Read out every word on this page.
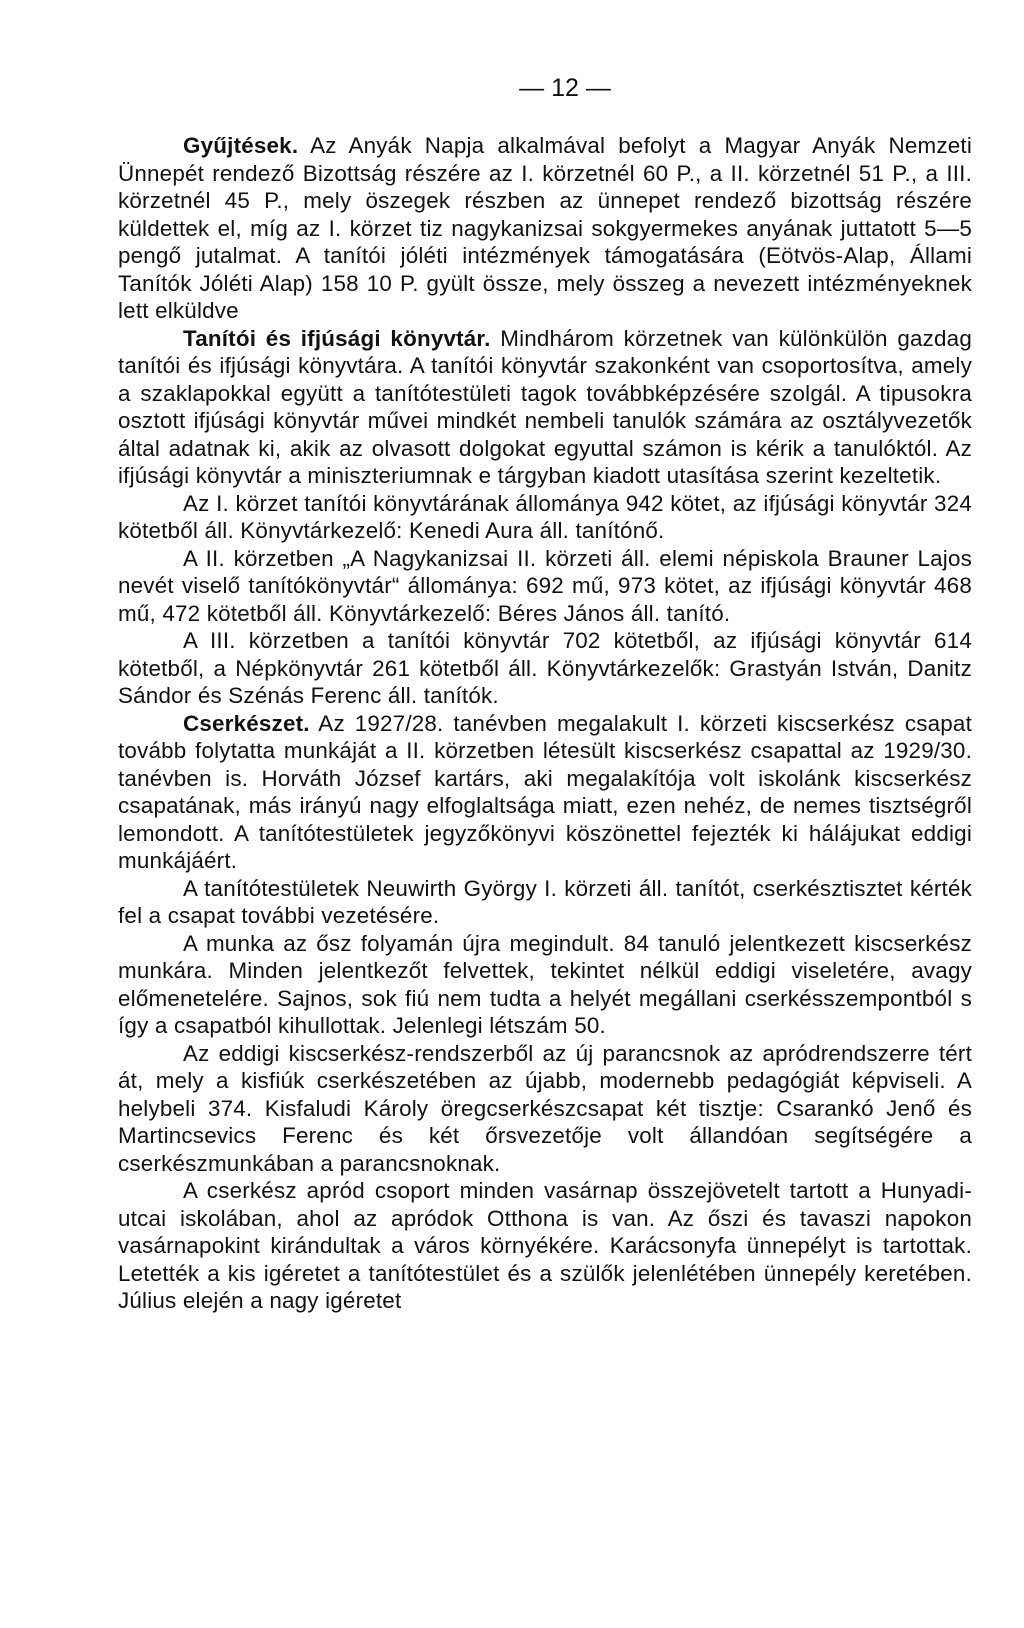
— 12 —

Gyűjtések. Az Anyák Napja alkalmával befolyt a Magyar Anyák Nemzeti Ünnepét rendező Bizottság részére az I. körzetnél 60 P., a II. körzetnél 51 P., a III. körzetnél 45 P., mely öszegek részben az ünnepet rendező bizottság részére küldettek el, míg az I. körzet tiz nagykanizsai sokgyermekes anyának juttatott 5—5 pengő jutalmat. A tanítói jóléti intézmények támogatására (Eötvös-Alap, Állami Tanítók Jóléti Alap) 158 10 P. gyült össze, mely összeg a nevezett intézményeknek lett elküldve

Tanítói és ifjúsági könyvtár. Mindhárom körzetnek van különkülön gazdag tanítói és ifjúsági könyvtára. A tanítói könyvtár szakonként van csoportosítva, amely a szaklapokkal együtt a tanítótestületi tagok továbbképzésére szolgál. A tipusokra osztott ifjúsági könyvtár művei mindkét nembeli tanulók számára az osztályvezetők által adatnak ki, akik az olvasott dolgokat egyuttal számon is kérik a tanulóktól. Az ifjúsági könyvtár a miniszteriumnak e tárgyban kiadott utasítása szerint kezeltetik.

Az I. körzet tanítói könyvtárának állománya 942 kötet, az ifjúsági könyvtár 324 kötetből áll. Könyvtárkezelő: Kenedi Aura áll. tanítónő.

A II. körzetben „A Nagykanizsai II. körzeti áll. elemi népiskola Brauner Lajos nevét viselő tanítókönyvtár“ állománya: 692 mű, 973 kötet, az ifjúsági könyvtár 468 mű, 472 kötetből áll. Könyvtárkezelő: Béres János áll. tanító.

A III. körzetben a tanítói könyvtár 702 kötetből, az ifjúsági könyvtár 614 kötetből, a Népkönyvtár 261 kötetből áll. Könyvtárkezelők: Grastyán István, Danitz Sándor és Szénás Ferenc áll. tanítók.

Cserkészet. Az 1927/28. tanévben megalakult I. körzeti kiscserkész csapat tovább folytatta munkáját a II. körzetben létesült kiscserkész csapattal az 1929/30. tanévben is. Horváth József kartárs, aki megalakítója volt iskolánk kiscserkész csapatának, más irányú nagy elfoglaltsága miatt, ezen nehéz, de nemes tisztségről lemondott. A tanítótestületek jegyzőkönyvi köszönettel fejezték ki hálájukat eddigi munkájáért.

A tanítótestületek Neuwirth György I. körzeti áll. tanítót, cserkésztisztet kérték fel a csapat további vezetésére.

A munka az ősz folyamán újra megindult. 84 tanuló jelentkezett kiscserkész munkára. Minden jelentkezőt felvettek, tekintet nélkül eddigi viseletére, avagy előmenetelére. Sajnos, sok fiú nem tudta a helyét megállani cserkésszempontból s így a csapatból kihullottak. Jelenlegi létszám 50.

Az eddigi kiscserkész-rendszerből az új parancsnok az apródrendszerre tért át, mely a kisfiúk cserkészetében az újabb, modernebb pedagógiát képviseli. A helybeli 374. Kisfaludi Károly öregcserkészcsapat két tisztje: Csarankó Jenő és Martincsevics Ferenc és két őrsvezetője volt állandóan segítségére a cserkészmunkában a parancsnoknak.

A cserkész apród csoport minden vasárnap összejövetelt tartott a Hunyadi-utcai iskolában, ahol az apródok Otthona is van. Az őszi és tavaszi napokon vasárnapokint kirándultak a város környékére. Karácsonyfa ünnepélyt is tartottak. Letették a kis igéretet a tanítótestület és a szülők jelenlétében ünnepély keretében. Július elején a nagy igéretet
